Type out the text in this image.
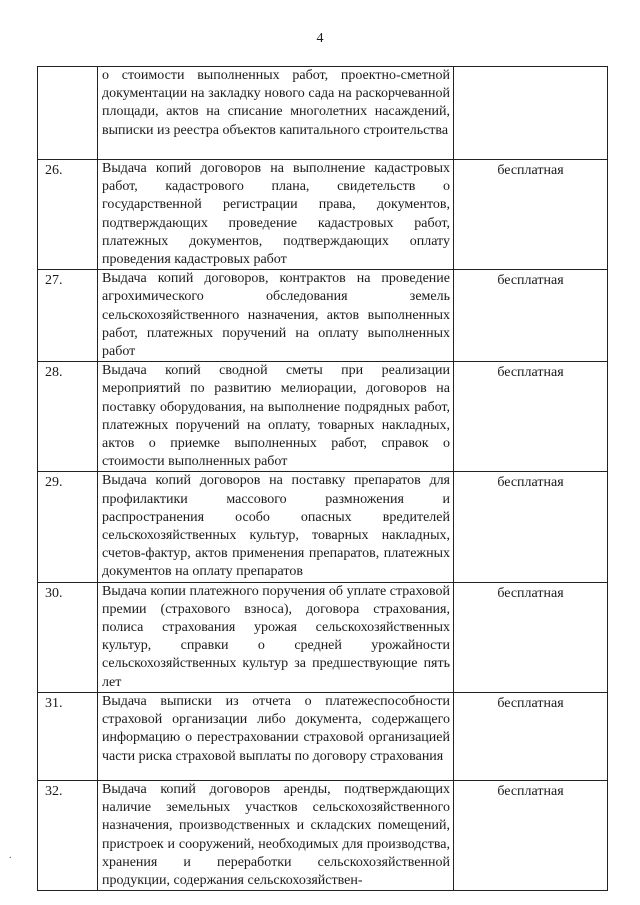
4
	о стоимости выполненных работ, проектно-сметной документации на закладку нового сада на раскорчеванной площади, актов на списание многолетних насаждений, выписки из реестра объектов капитального строительства	
26.	Выдача копий договоров на выполнение кадастровых работ, кадастрового плана, свидетельств о государственной регистрации права, документов, подтверждающих проведение кадастровых работ, платежных документов, подтверждающих оплату проведения кадастровых работ	бесплатная
27.	Выдача копий договоров, контрактов на проведение агрохимического обследования земель сельскохозяйственного назначения, актов выполненных работ, платежных поручений на оплату выполненных работ	бесплатная
28.	Выдача копий сводной сметы при реализации мероприятий по развитию мелиорации, договоров на поставку оборудования, на выполнение подрядных работ, платежных поручений на оплату, товарных накладных, актов о приемке выполненных работ, справок о стоимости выполненных работ	бесплатная
29.	Выдача копий договоров на поставку препаратов для профилактики массового размножения и распространения особо опасных вредителей сельскохозяйственных культур, товарных накладных, счетов-фактур, актов применения препаратов, платежных документов на оплату препаратов	бесплатная
30.	Выдача копии платежного поручения об уплате страховой премии (страхового взноса), договора страхования, полиса страхования урожая сельскохозяйственных культур, справки о средней урожайности сельскохозяйственных культур за предшествующие пять лет	бесплатная
31.	Выдача выписки из отчета о платежеспособности страховой организации либо документа, содержащего информацию о перестраховании страховой организацией части риска страховой выплаты по договору страхования	бесплатная
32.	Выдача копий договоров аренды, подтверждающих наличие земельных участков сельскохозяйственного назначения, производственных и складских помещений, пристроек и сооружений, необходимых для производства, хранения и переработки сельскохозяйственной продукции, содержания сельскохозяйствен-	бесплатная
.
